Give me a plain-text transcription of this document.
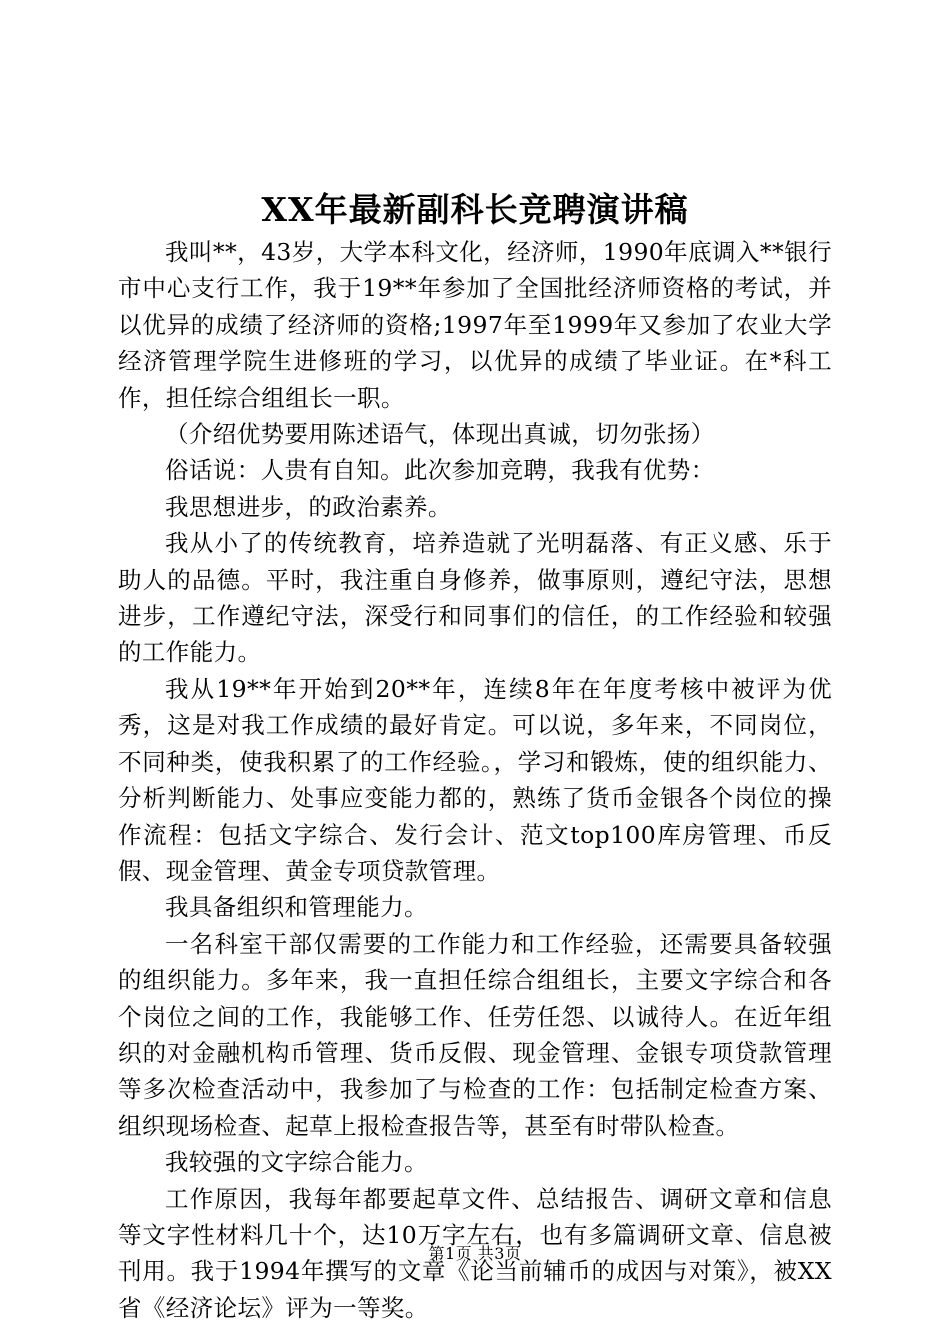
XX年最新副科长竞聘演讲稿

我叫**，43岁，大学本科文化，经济师，1990年底调入**银行市中心支行工作，我于19**年参加了全国批经济师资格的考试，并以优异的成绩了经济师的资格;1997年至1999年又参加了农业大学经济管理学院生进修班的学习，以优异的成绩了毕业证。在*科工作，担任综合组组长一职。

（介绍优势要用陈述语气，体现出真诚，切勿张扬）

俗话说：人贵有自知。此次参加竞聘，我我有优势：

我思想进步，的政治素养。

我从小了的传统教育，培养造就了光明磊落、有正义感、乐于助人的品德。平时，我注重自身修养，做事原则，遵纪守法，思想进步，工作遵纪守法，深受行和同事们的信任，的工作经验和较强的工作能力。

我从19**年开始到20**年，连续8年在年度考核中被评为优秀，这是对我工作成绩的最好肯定。可以说，多年来，不同岗位，不同种类，使我积累了的工作经验。，学习和锻炼，使的组织能力、分析判断能力、处事应变能力都的，熟练了货币金银各个岗位的操作流程：包括文字综合、发行会计、范文top100库房管理、币反假、现金管理、黄金专项贷款管理。

我具备组织和管理能力。

一名科室干部仅需要的工作能力和工作经验，还需要具备较强的组织能力。多年来，我一直担任综合组组长，主要文字综合和各个岗位之间的工作，我能够工作、任劳任怨、以诚待人。在近年组织的对金融机构币管理、货币反假、现金管理、金银专项贷款管理等多次检查活动中，我参加了与检查的工作：包括制定检查方案、组织现场检查、起草上报检查报告等，甚至有时带队检查。

我较强的文字综合能力。

工作原因，我每年都要起草文件、总结报告、调研文章和信息等文字性材料几十个，达10万字左右，也有多篇调研文章、信息被刊用。我于1994年撰写的文章《论当前辅币的成因与对策》，被XX省《经济论坛》评为一等奖。

第1页 共3页
